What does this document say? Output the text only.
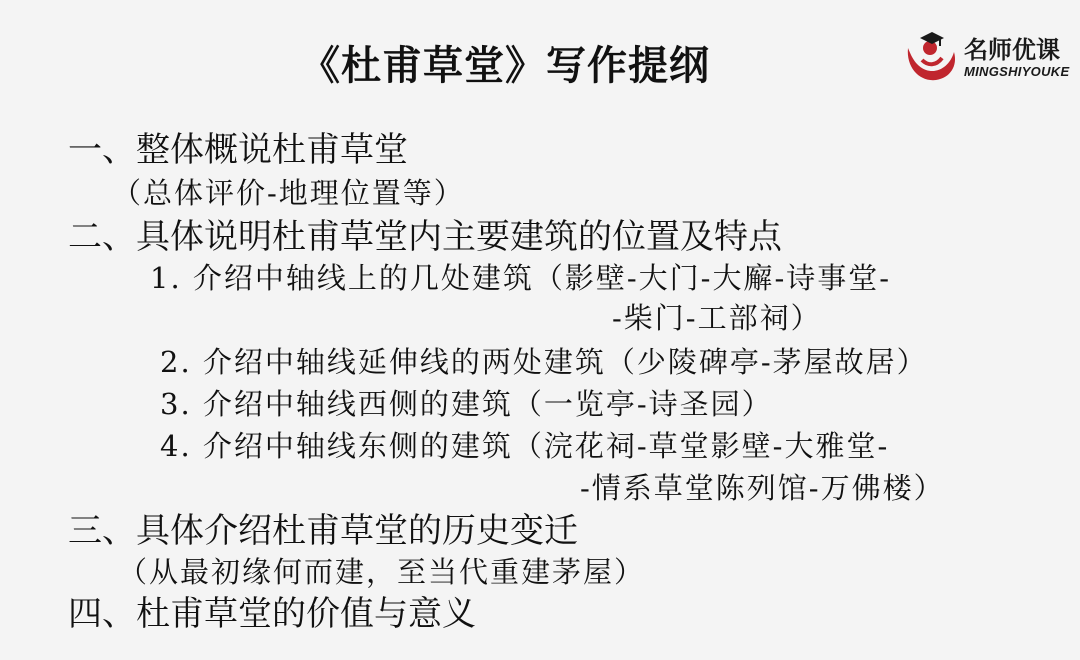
《杜甫草堂》写作提纲	名师优课
MINGSHIYOUKE
一、整体概说杜甫草堂
（总体评价-地理位置等）
二、具体说明杜甫草堂内主要建筑的位置及特点
1. 介绍中轴线上的几处建筑（影壁-大门-大廨-诗事堂-
-柴门-工部祠）
2. 介绍中轴线延伸线的两处建筑（少陵碑亭-茅屋故居）
3. 介绍中轴线西侧的建筑（一览亭-诗圣园）
4. 介绍中轴线东侧的建筑（浣花祠-草堂影壁-大雅堂-
-情系草堂陈列馆-万佛楼）
三、具体介绍杜甫草堂的历史变迁
（从最初缘何而建，至当代重建茅屋）
四、杜甫草堂的价值与意义
